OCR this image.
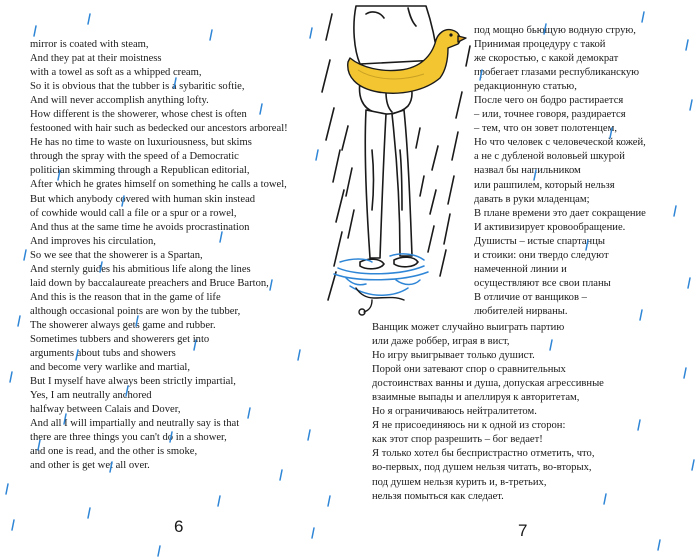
mirror is coated with steam,
And they pat at their moistness
with a towel as soft as a whipped cream,
So it is obvious that the tubber is a sybaritic softie,
And will never accomplish anything lofty.
How different is the showerer, whose chest is often
festooned with hair such as bedecked our ancestors arboreal!
He has no time to waste on luxuriousness, but skims
through the spray with the speed of a Democratic
politician skimming through a Republican editorial,
After which he grates himself on something he calls a towel,
But which anybody covered with human skin instead
of cowhide would call a file or a spur or a rowel,
And thus at the same time he avoids procrastination
And improves his circulation,
So we see that the showerer is a Spartan,
And sternly guides his abmitious life along the lines
laid down by baccalaureate preachers and Bruce Barton,
And this is the reason that in the game of life
although occasional points are won by the tubber,
The showerer always gets game and rubber.
Sometimes tubbers and showerers get into
arguments about tubs and showers
and become very warlike and martial,
But I myself have always been strictly impartial,
Yes, I am neutrally anchored
halfway between Calais and Dover,
And all I will impartially and neutrally say is that
there are three things you can't do in a shower,
and one is read, and the other is smoke,
and other is get wet all over.
6
под мощно бьющую водную струю,
Принимая процедуру с такой
же скоростью, с какой демократ
пробегает глазами республиканскую
редакционную статью,
После чего он бодро растирается
– или, точнее говоря, раздирается
– тем, что он зовет полотенцем,
Но что человек с человеческой кожей,
а не с дубленой воловьей шкурой
назвал бы напильником
или рашпилем, который нельзя
давать в руки младенцам;
В плане времени это дает сокращение
И активизирует кровообращение.
Душисты – истые спартанцы
и стоики: они твердо следуют
намеченной линии и
осуществляют все свои планы
В отличие от ванщиков –
любителей нирваны.
Ванщик может случайно выиграть партию
или даже роббер, играя в вист,
Но игру выигрывает только душист.
Порой они затевают спор о сравнительных
достоинствах ванны и душа, допуская агрессивные
взаимные выпады и апеллируя к авторитетам,
Но я ограничиваюсь нейтралитетом.
Я не присоединяюсь ни к одной из сторон:
как этот спор разрешить – бог ведает!
Я только хотел бы беспристрастно отметить, что,
во-первых, под душем нельзя читать, во-вторых,
под душем нельзя курить и, в-третьих,
нельзя помыться как следает.
7
